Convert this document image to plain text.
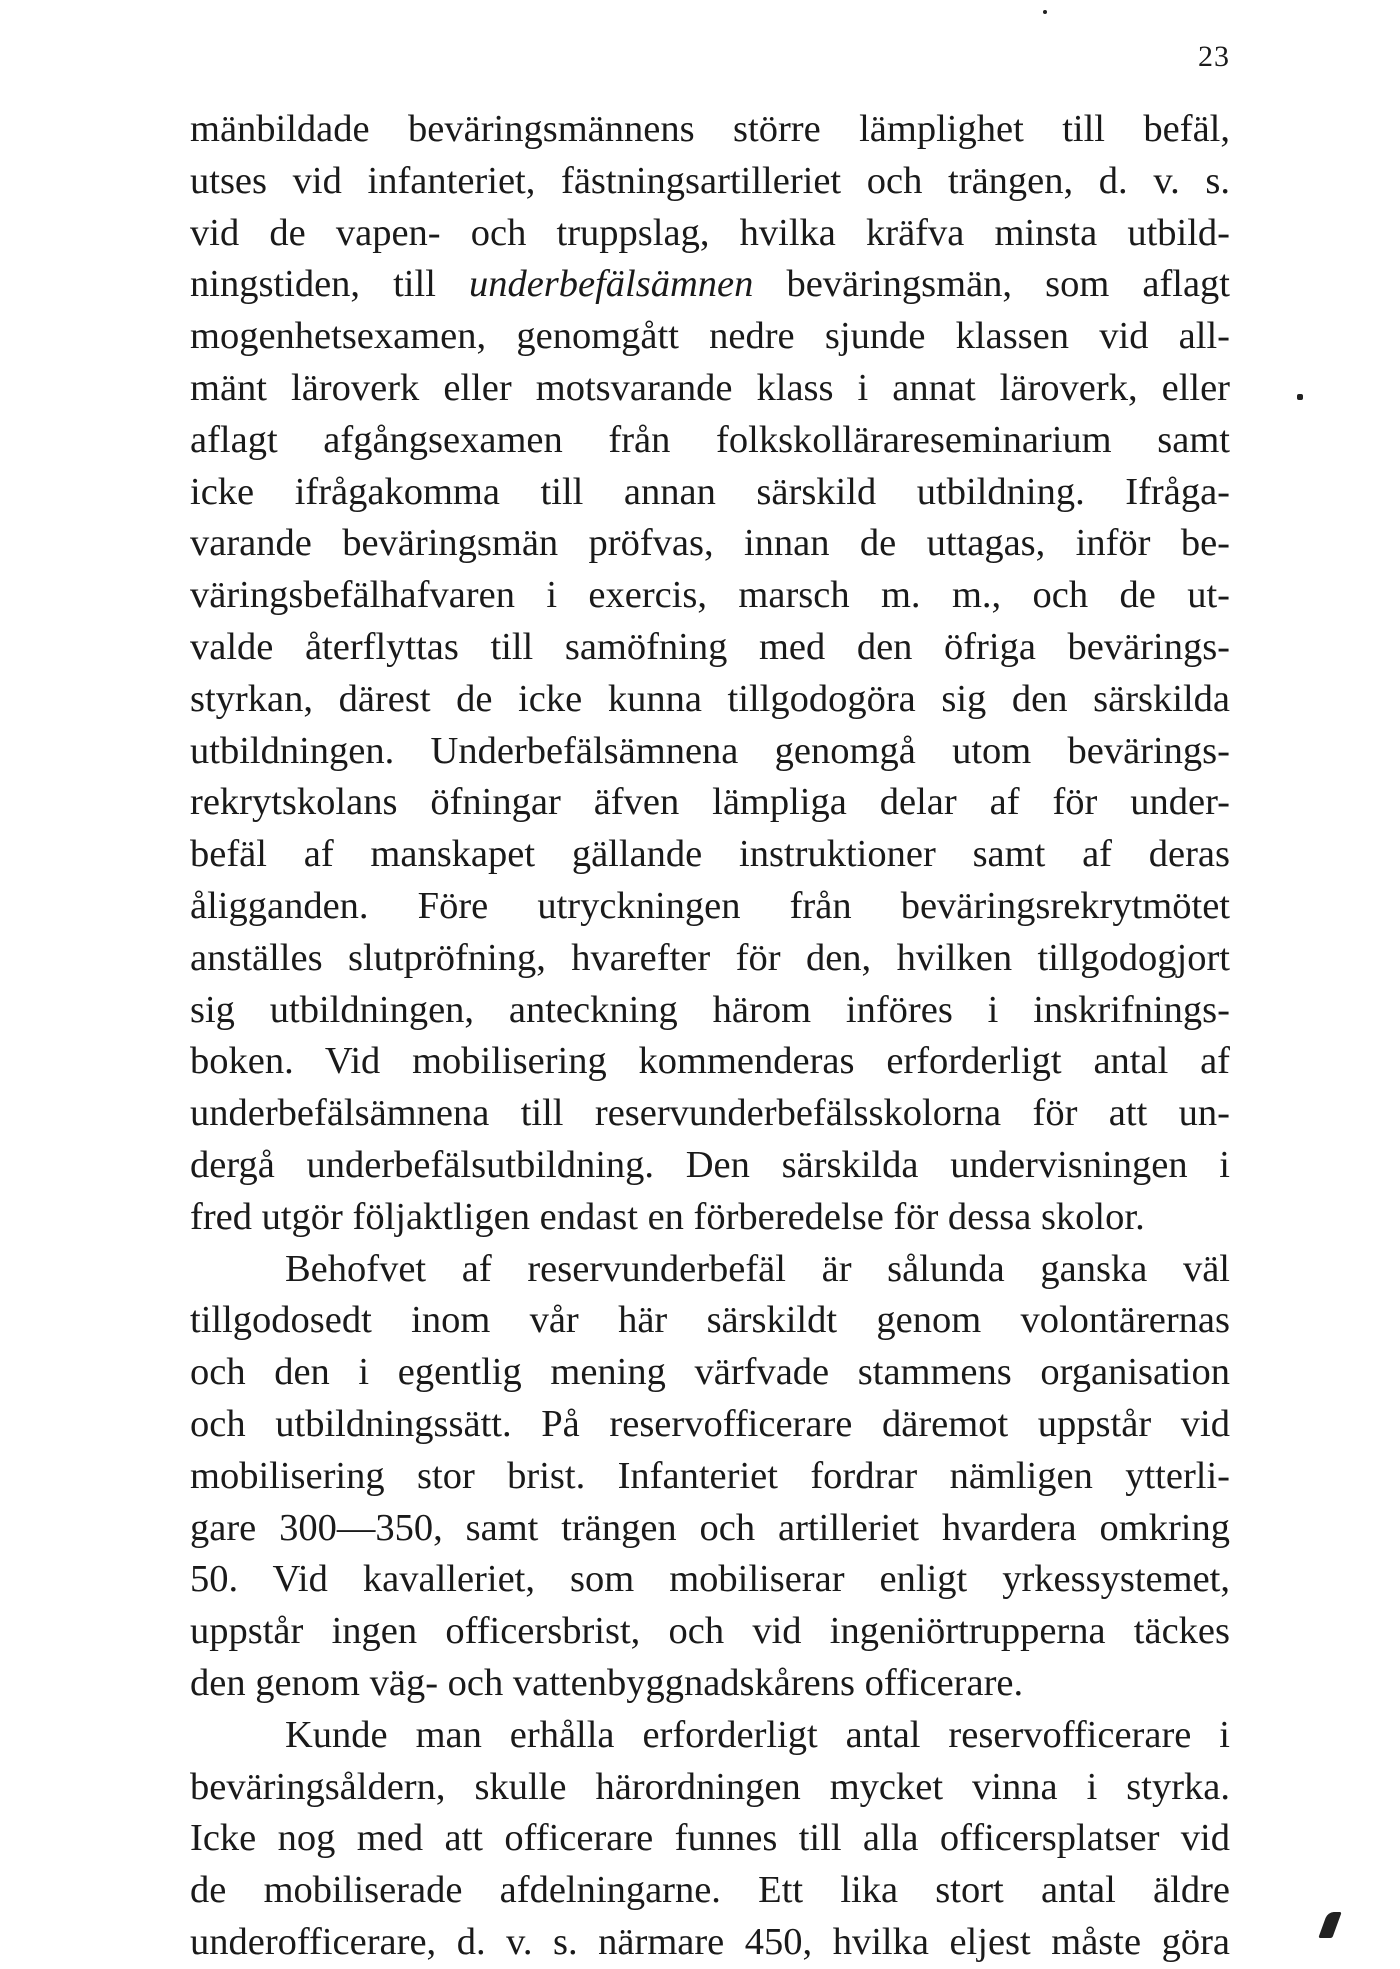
23
mänbildade beväringsmännens större lämplighet till befäl,
utses vid infanteriet, fästningsartilleriet och trängen, d. v. s.
vid de vapen- och truppslag, hvilka kräfva minsta utbild-
ningstiden, till underbefälsämnen beväringsmän, som aflagt
mogenhetsexamen, genomgått nedre sjunde klassen vid all-
mänt läroverk eller motsvarande klass i annat läroverk, eller
aflagt afgångsexamen från folkskollärareseminarium samt
icke ifrågakomma till annan särskild utbildning. Ifråga-
varande beväringsmän pröfvas, innan de uttagas, inför be-
väringsbefälhafvaren i exercis, marsch m. m., och de ut-
valde återflyttas till samöfning med den öfriga bevärings-
styrkan, därest de icke kunna tillgodogöra sig den särskilda
utbildningen. Underbefälsämnena genomgå utom bevärings-
rekrytskolans öfningar äfven lämpliga delar af för under-
befäl af manskapet gällande instruktioner samt af deras
åligganden. Före utryckningen från beväringsrekrytmötet
anställes slutpröfning, hvarefter för den, hvilken tillgodogjort
sig utbildningen, anteckning härom införes i inskrifnings-
boken. Vid mobilisering kommenderas erforderligt antal af
underbefälsämnena till reservunderbefälsskolorna för att un-
dergå underbefälsutbildning. Den särskilda undervisningen i
fred utgör följaktligen endast en förberedelse för dessa skolor.
Behofvet af reservunderbefäl är sålunda ganska väl
tillgodosedt inom vår här särskildt genom volontärernas
och den i egentlig mening värfvade stammens organisation
och utbildningssätt. På reservofficerare däremot uppstår vid
mobilisering stor brist. Infanteriet fordrar nämligen ytterli-
gare 300—350, samt trängen och artilleriet hvardera omkring
50. Vid kavalleriet, som mobiliserar enligt yrkessystemet,
uppstår ingen officersbrist, och vid ingeniörtrupperna täckes
den genom väg- och vattenbyggnadskårens officerare.
Kunde man erhålla erforderligt antal reservofficerare i
beväringsåldern, skulle härordningen mycket vinna i styrka.
Icke nog med att officerare funnes till alla officersplatser vid
de mobiliserade afdelningarne. Ett lika stort antal äldre
underofficerare, d. v. s. närmare 450, hvilka eljest måste göra
